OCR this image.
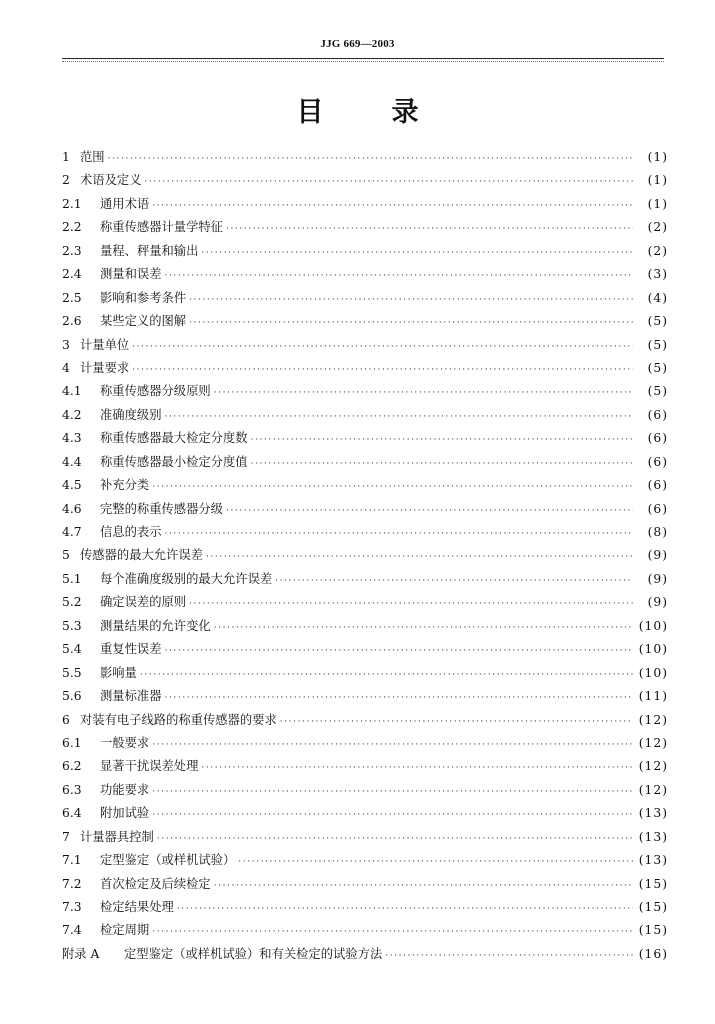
JJG 669—2003
目	录
1 范围 ·····	(1)
2 术语及定义 ·····	(1)
2.1	通用术语 ·····	(1)
2.2	称重传感器计量学特征 ·····	(2)
2.3	量程、秤量和输出 ·····	(2)
2.4	测量和误差 ·····	(3)
2.5	影响和参考条件 ·····	(4)
2.6	某些定义的图解 ·····	(5)
3 计量单位 ·····	(5)
4 计量要求 ·····	(5)
4.1	称重传感器分级原则 ·····	(5)
4.2	准确度级别 ·····	(6)
4.3	称重传感器最大检定分度数 ·····	(6)
4.4	称重传感器最小检定分度值 ·····	(6)
4.5	补充分类 ·····	(6)
4.6	完整的称重传感器分级 ·····	(6)
4.7	信息的表示 ·····	(8)
5 传感器的最大允许误差 ·····	(9)
5.1	每个准确度级别的最大允许误差 ·····	(9)
5.2	确定误差的原则 ·····	(9)
5.3	测量结果的允许变化 ·····	(10)
5.4	重复性误差 ·····	(10)
5.5	影响量 ·····	(10)
5.6	测量标准器 ·····	(11)
6 对装有电子线路的称重传感器的要求 ·····	(12)
6.1	一般要求 ·····	(12)
6.2	显著干扰误差处理 ·····	(12)
6.3	功能要求 ·····	(12)
6.4	附加试验 ·····	(13)
7 计量器具控制 ·····	(13)
7.1	定型鉴定（或样机试验） ·····	(13)
7.2	首次检定及后续检定 ·····	(15)
7.3	检定结果处理 ·····	(15)
7.4	检定周期 ·····	(15)
附录 A	定型鉴定（或样机试验）和有关检定的试验方法 ·····	(16)
